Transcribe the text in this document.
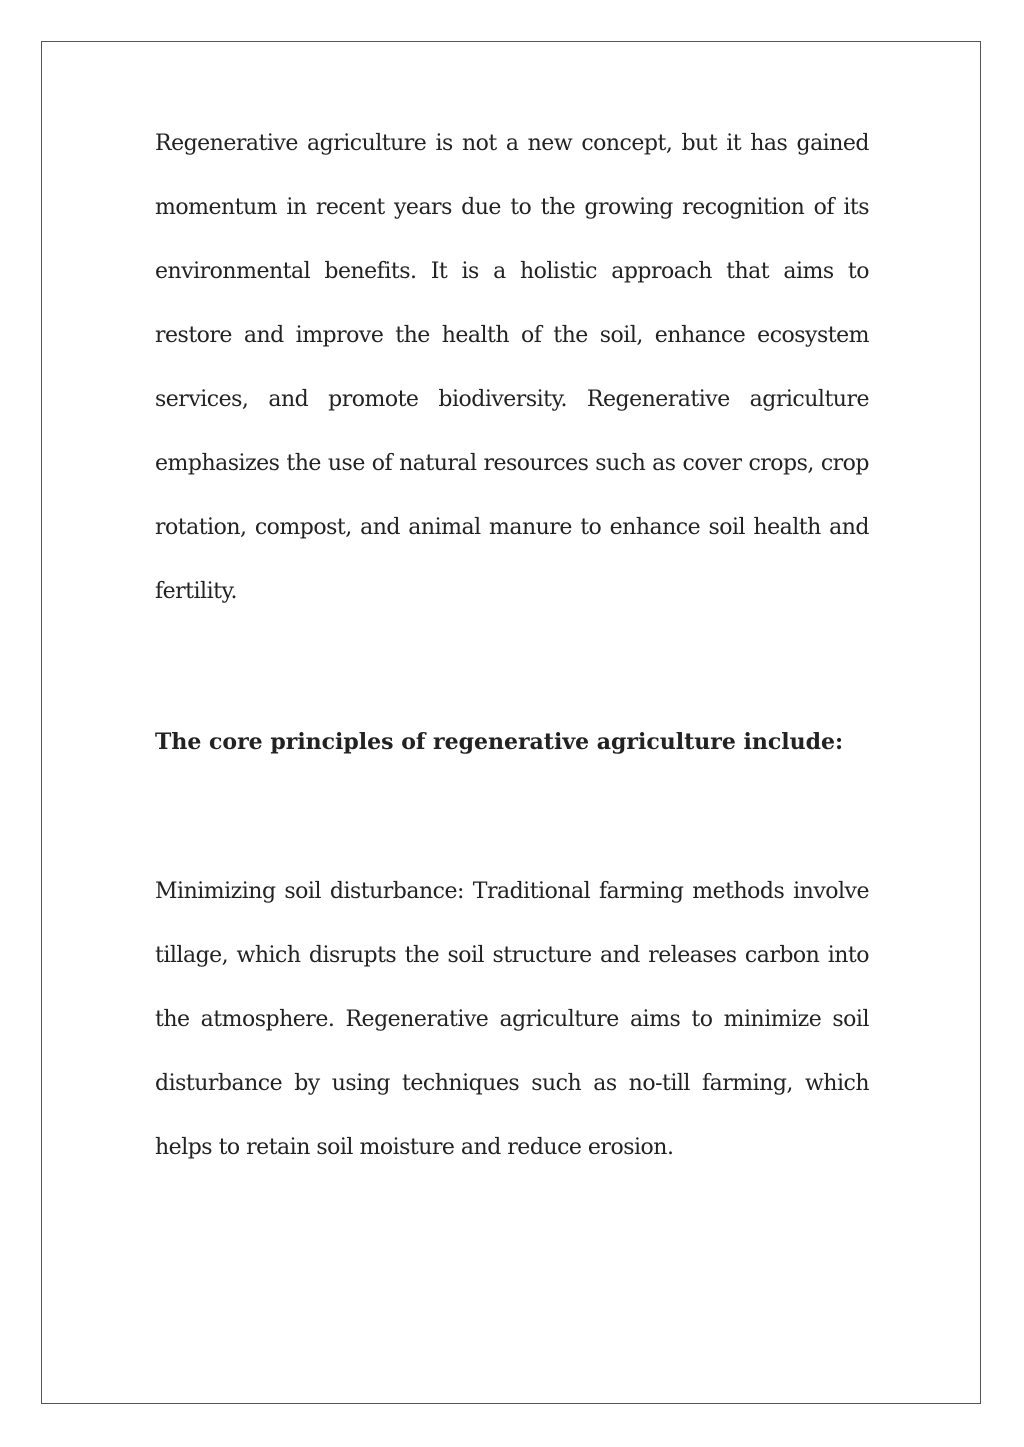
Regenerative agriculture is not a new concept, but it has gained momentum in recent years due to the growing recognition of its environmental benefits. It is a holistic approach that aims to restore and improve the health of the soil, enhance ecosystem services, and promote biodiversity. Regenerative agriculture emphasizes the use of natural resources such as cover crops, crop rotation, compost, and animal manure to enhance soil health and fertility.

The core principles of regenerative agriculture include:

Minimizing soil disturbance: Traditional farming methods involve tillage, which disrupts the soil structure and releases carbon into the atmosphere. Regenerative agriculture aims to minimize soil disturbance by using techniques such as no-till farming, which helps to retain soil moisture and reduce erosion.
